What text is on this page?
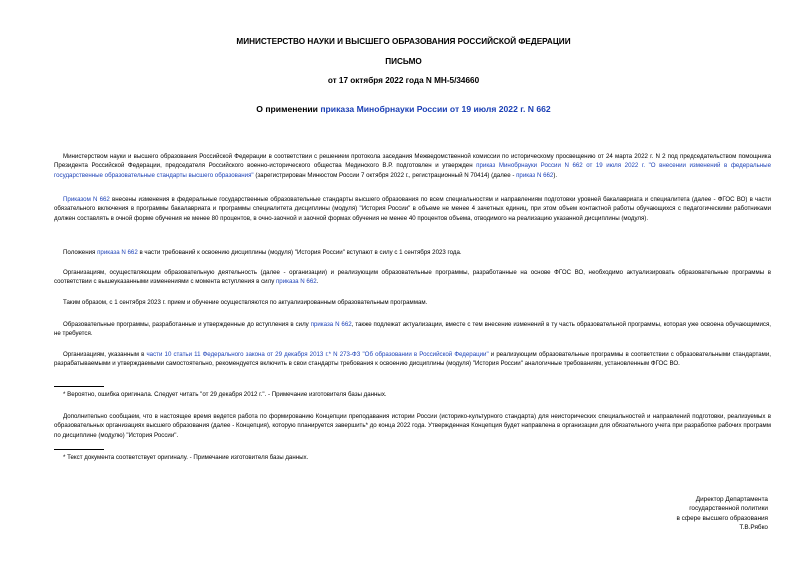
МИНИСТЕРСТВО НАУКИ И ВЫСШЕГО ОБРАЗОВАНИЯ РОССИЙСКОЙ ФЕДЕРАЦИИ
ПИСЬМО
от 17 октября 2022 года N МН-5/34660
О применении приказа Минобрнауки России от 19 июля 2022 г. N 662

Министерством науки и высшего образования Российской Федерации в соответствии с решением протокола заседания Межведомственной комиссии по историческому просвещению от 24 марта 2022 г. N 2 под председательством помощника Президента Российской Федерации, председателя Российского военно-исторического общества Мединского В.Р. подготовлен и утвержден приказ Минобрнауки России N 662 от 19 июля 2022 г. "О внесении изменений в федеральные государственные образовательные стандарты высшего образования" (зарегистрирован Минюстом России 7 октября 2022 г., регистрационный N 70414) (далее - приказ N 662).

Приказом N 662 внесены изменения в федеральные государственные образовательные стандарты высшего образования по всем специальностям и направлениям подготовки уровней бакалавриата и специалитета (далее - ФГОС ВО) в части обязательного включения в программы бакалавриата и программы специалитета дисциплины (модуля) "История России" в объеме не менее 4 зачетных единиц, при этом объем контактной работы обучающихся с педагогическими работниками должен составлять в очной форме обучения не менее 80 процентов, в очно-заочной и заочной формах обучения не менее 40 процентов объема, отводимого на реализацию указанной дисциплины (модуля).

Положения приказа N 662 в части требований к освоению дисциплины (модуля) "История России" вступают в силу с 1 сентября 2023 года.

Организациям, осуществляющим образовательную деятельность (далее - организации) и реализующим образовательные программы, разработанные на основе ФГОС ВО, необходимо актуализировать образовательные программы в соответствии с вышеуказанными изменениями с момента вступления в силу приказа N 662.

Таким образом, с 1 сентября 2023 г. прием и обучение осуществляются по актуализированным образовательным программам.

Образовательные программы, разработанные и утвержденные до вступления в силу приказа N 662, также подлежат актуализации, вместе с тем внесение изменений в ту часть образовательной программы, которая уже освоена обучающимися, не требуется.

Организациям, указанным в части 10 статьи 11 Федерального закона от 29 декабря 2013 г.* N 273-ФЗ "Об образовании в Российской Федерации" и реализующим образовательные программы в соответствии с образовательными стандартами, разрабатываемыми и утверждаемыми самостоятельно, рекомендуется включить в свои стандарты требования к освоению дисциплины (модуля) "История России" аналогичные требованиям, установленным ФГОС ВО.

* Вероятно, ошибка оригинала. Следует читать "от 29 декабря 2012 г.". - Примечание изготовителя базы данных.

Дополнительно сообщаем, что в настоящее время ведется работа по формированию Концепции преподавания истории России (историко-культурного стандарта) для неисторических специальностей и направлений подготовки, реализуемых в образовательных организациях высшего образования (далее - Концепция), которую планируется завершить* до конца 2022 года. Утвержденная Концепция будет направлена в организации для обязательного учета при разработке рабочих программ по дисциплине (модулю) "История России".

* Текст документа соответствует оригиналу. - Примечание изготовителя базы данных.

Директор Департамента
государственной политики
в сфере высшего образования
Т.В.Рябко
